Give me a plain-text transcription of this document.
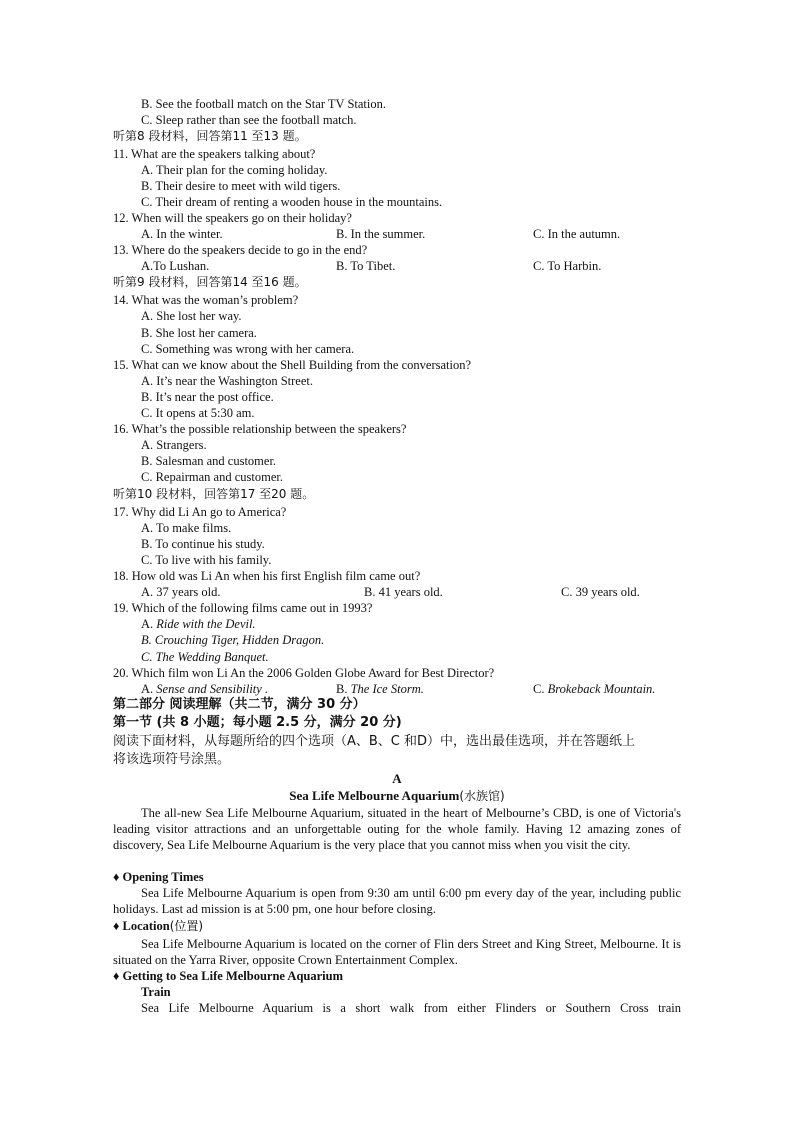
B. See the football match on the Star TV Station.
C. Sleep rather than see the football match.
听第8 段材料，回答第11 至13 题。
11. What are the speakers talking about?
A. Their plan for the coming holiday.
B. Their desire to meet with wild tigers.
C. Their dream of renting a wooden house in the mountains.
12. When will the speakers go on their holiday?
A. In the winter.	B. In the summer.	C. In the autumn.
13. Where do the speakers decide to go in the end?
A.To Lushan.	B. To Tibet.	C. To Harbin.
听第9 段材料，回答第14 至16 题。
14. What was the woman’s problem?
A. She lost her way.
B. She lost her camera.
C. Something was wrong with her camera.
15. What can we know about the Shell Building from the conversation?
A. It’s near the Washington Street.
B. It’s near the post office.
C. It opens at 5:30 am.
16. What’s the possible relationship between the speakers?
A. Strangers.
B. Salesman and customer.
C. Repairman and customer.
听第10 段材料，回答第17 至20 题。
17. Why did Li An go to America?
A. To make films.
B. To continue his study.
C. To live with his family.
18. How old was Li An when his first English film came out?
A. 37 years old.	B. 41 years old.	C. 39 years old.
19. Which of the following films came out in 1993?
A. Ride with the Devil.
B. Crouching Tiger, Hidden Dragon.
C. The Wedding Banquet.
20. Which film won Li An the 2006 Golden Globe Award for Best Director?
A. Sense and Sensibility .	B. The Ice Storm.	C. Brokeback Mountain.
第二部分 阅读理解（共二节，满分 30 分）
第一节 (共 8 小题；每小题 2.5 分，满分 20 分)
阅读下面材料，从每题所给的四个选项（A、B、C 和D）中，选出最佳选项，并在答题纸上
将该选项符号涂黑。
A
Sea Life Melbourne Aquarium(水族馆)
The all-new Sea Life Melbourne Aquarium, situated in the heart of Melbourne’s CBD, is one of Victoria's leading visitor attractions and an unforgettable outing for the whole family. Having 12 amazing zones of discovery, Sea Life Melbourne Aquarium is the very place that you cannot miss when you visit the city.
♦ Opening Times
Sea Life Melbourne Aquarium is open from 9:30 am until 6:00 pm every day of the year, including public holidays. Last ad mission is at 5:00 pm, one hour before closing.
♦ Location(位置)
Sea Life Melbourne Aquarium is located on the corner of Flin ders Street and King Street, Melbourne. It is situated on the Yarra River, opposite Crown Entertainment Complex.
♦ Getting to Sea Life Melbourne Aquarium
Train
Sea Life Melbourne Aquarium is a short walk from either Flinders or Southern Cross train
